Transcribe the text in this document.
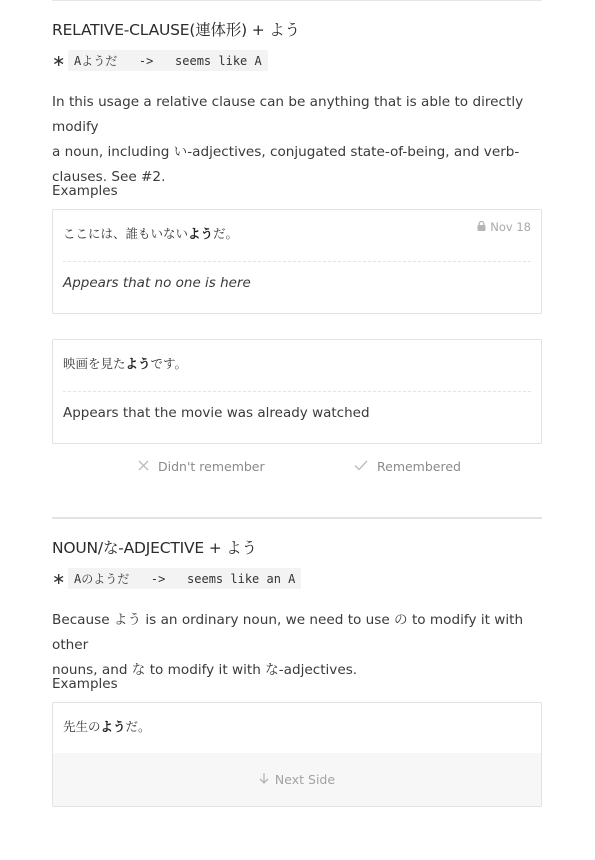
RELATIVE-CLAUSE(連体形) + よう
∗ Aようだ   ->   seems like A
In this usage a relative clause can be anything that is able to directly modify
a noun, including い-adjectives, conjugated state-of-being, and verb-
clauses. See #2.
Examples
ここには、誰もいないようだ。	Nov 18
Appears that no one is here
映画を見たようです。
Appears that the movie was already watched
Didn't remember	Remembered
NOUN/な-ADJECTIVE + よう
∗ Aのようだ   ->   seems like an A
Because よう is an ordinary noun, we need to use の to modify it with other
nouns, and な to modify it with な-adjectives.
Examples
先生のようだ。
Next Side
